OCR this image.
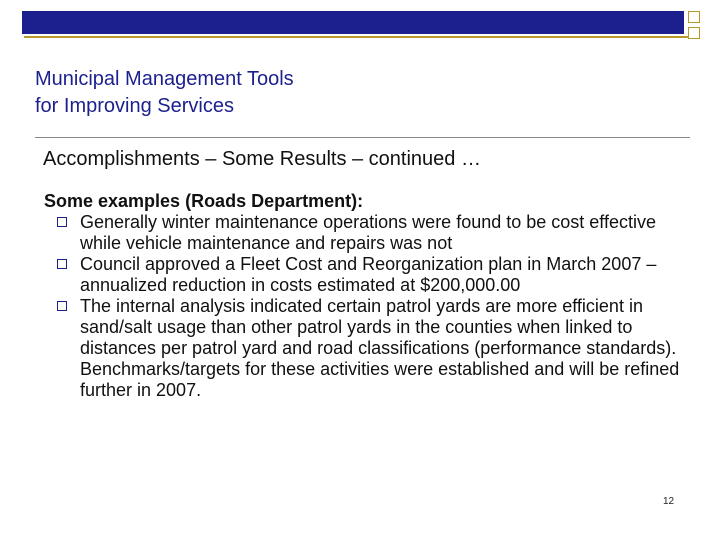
Municipal Management Tools
for Improving Services
Accomplishments – Some Results – continued …
Some examples (Roads Department):
Generally winter maintenance operations were found to be cost effective while vehicle maintenance and repairs was not
Council approved a Fleet Cost and Reorganization plan in March 2007 – annualized reduction in costs estimated at $200,000.00
The internal analysis indicated certain patrol yards are more efficient in sand/salt usage than other patrol yards in the counties when linked to distances per patrol yard and road classifications (performance standards). Benchmarks/targets for these activities were established and will be refined further in 2007.
12
